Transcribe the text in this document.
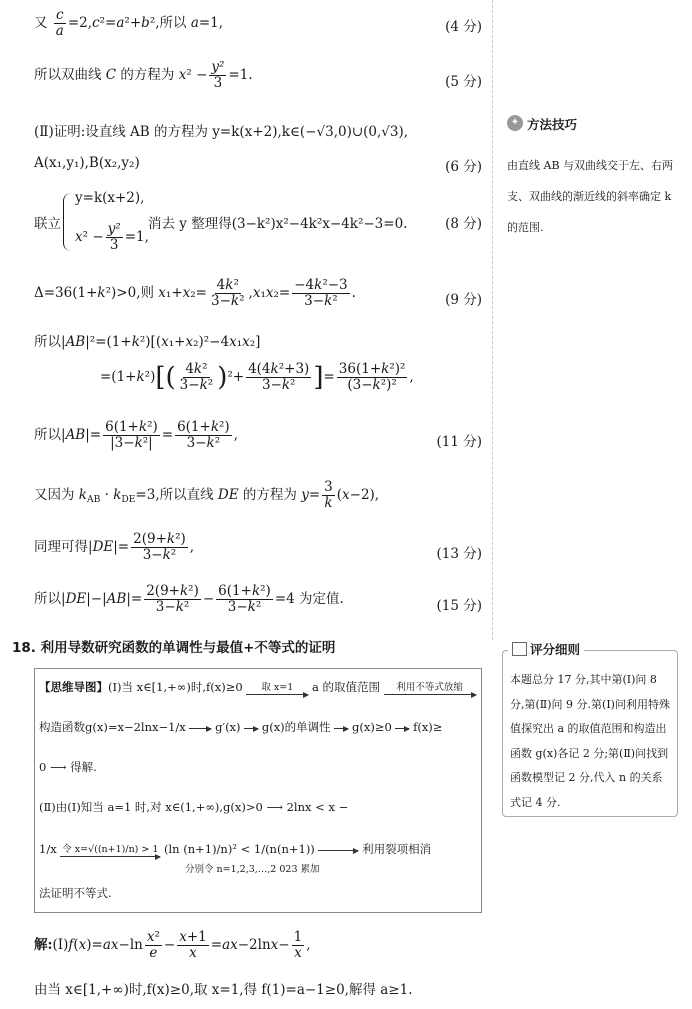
又 $\frac{c}{a} =2,c^2=a^2+b^2$,所以 a=1,	(4 分)
所以双曲线 C 的方程为 $x^2 - \frac{\text{y²}}{3} =1$.	(5 分)
(Ⅱ)证明:设直线 AB 的方程为 y=k(x+2),k∈(−√3,0)∪(0,√3),
A(x₁,y₁),B(x₂,y₂)	(6 分)
联立
y=k(x+2),
$x^2 - \frac{\text{y²}}{3} =1$,
消去 y 整理得(3−k²)x²−4k²x−4k²−3=0.	(8 分)
Δ=36(1+k²)>0,则 $x_1+x_2= \frac{\text{4k²}}{\text{3−k²}} ,x_1x_2= \frac{\text{−4k²−3}}{\text{3−k²}}$ .	(9 分)
所以|AB|²=(1+k²)[(x₁+x₂)²−4x₁x₂]
$=(1+k^2)[( \frac{\text{4k²}}{\text{3−k²}} )^2+ \frac{\text{4(4k²+3)}}{\text{3−k²}}$ ]= $\frac{\text{36(1+k²)²}}{\text{(3−k²)²}}$ ,
所以$|AB|= \frac{\text{6(1+k²)}}{\text{|3−k²|}} = \frac{\text{6(1+k²)}}{\text{3−k²}}$ ,	(11 分)
又因为 $k_{AB} \cdot k_{DE}=3$,所以直线 DE 的方程为 $y= \frac{3}{k} (x-2)$,
同理可得$|DE|= \frac{\text{2(9+k²)}}{\text{3−k²}}$ ,	(13 分)
所以$|DE|-|AB|= \frac{\text{2(9+k²)}}{\text{3−k²}} - \frac{\text{6(1+k²)}}{\text{3−k²}} =4$ 为定值.	(15 分)
✦ 方法技巧
由直线 AB 与双曲线交于左、右两支、双曲线的渐近线的斜率确定 k 的范围.
18. 利用导数研究函数的单调性与最值+不等式的证明
【思维导图】(Ⅰ)当 x∈[1,+∞)时,f(x)≥0 取 x=1 a 的取值范围 利用不等式放缩
构造函数g(x)=x−2lnx−1/x	g′(x) g(x)的单调性 g(x)≥0 f(x)≥
0 ⟶ 得解.
(Ⅱ)由(Ⅰ)知当 a=1 时,对 x∈(1,+∞),g(x)>0 ⟶ 2lnx < x −
1/x 令 x=√((n+1)/n) > 1 (ln (n+1)/n)² < 1/(n(n+1))	利用裂项相消
分别令 n=1,2,3,…,2 023 累加
法证明不等式.
评分细则
本题总分 17 分,其中第(Ⅰ)问 8 分,第(Ⅱ)问 9 分.第(Ⅰ)问利用特殊值探究出 a 的取值范围和构造出函数 g(x)各记 2 分;第(Ⅱ)问找到函数模型记 2 分,代入 n 的关系式记 4 分.
解:(Ⅰ)f(x)=ax−ln $\frac{\text{x²}}{e} - \frac{x+1}{x} =ax-2\ln x- \frac{1}{x}$ ,
由当 x∈[1,+∞)时,f(x)≥0,取 x=1,得 f(1)=a−1≥0,解得 a≥1.
